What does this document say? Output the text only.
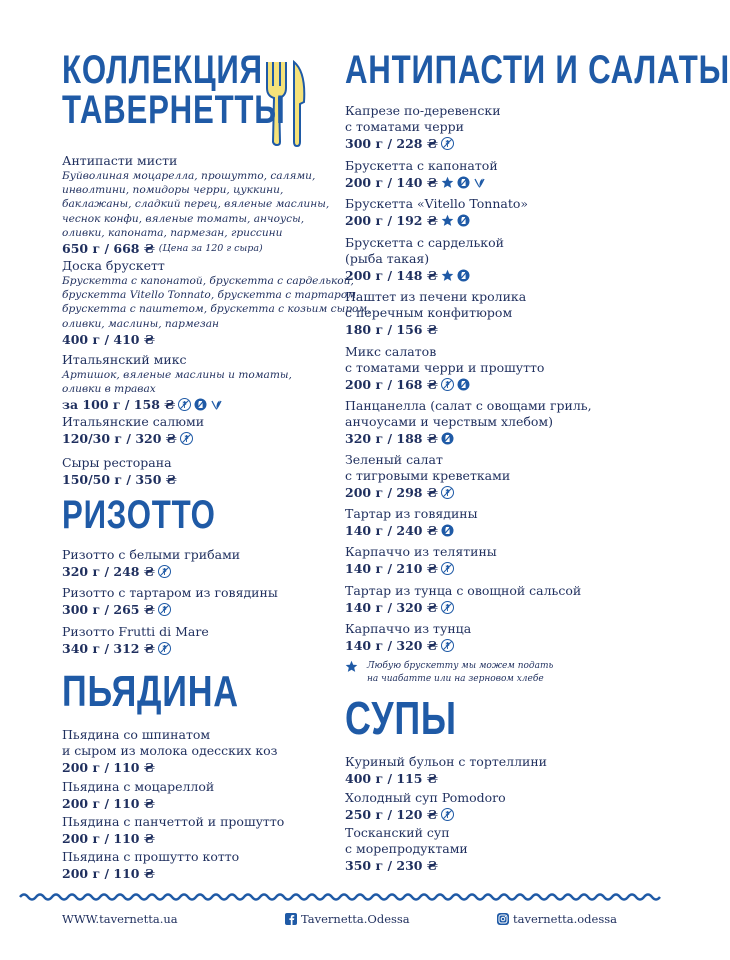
КОЛЛЕКЦИЯ
ТАВЕРНЕТТЫ
Антипасти мисти
Буйволиная моцарелла, прошутто, салями,
инволтини, помидоры черри, цуккини,
баклажаны, сладкий перец, вяленые маслины,
чеснок конфи, вяленые томаты, анчоусы,
оливки, капоната, пармезан, гриссини
650 г / 668 ₴ (Цена за 120 г сыра)
Доска брускетт
Брускетта с капонатой, брускетта с сарделькой,
брускетта Vitello Tonnato, брускетта с тартаром,
брускетта с паштетом, брускетта с козьим сыром,
оливки, маслины, пармезан
400 г / 410 ₴
Итальянский микс
Артишок, вяленые маслины и томаты,
оливки в травах
за 100 г / 158 ₴
Итальянские салюми
120/30 г / 320 ₴
Сыры ресторана
150/50 г / 350 ₴
РИЗОТТО
Ризотто с белыми грибами
320 г / 248 ₴
Ризотто с тартаром из говядины
300 г / 265 ₴
Ризотто Frutti di Mare
340 г / 312 ₴
ПЬЯДИНА
Пьядина со шпинатом
и сыром из молока одесских коз
200 г / 110 ₴
Пьядина с моцареллой
200 г / 110 ₴
Пьядина с панчеттой и прошутто
200 г / 110 ₴
Пьядина с прошутто котто
200 г / 110 ₴
АНТИПАСТИ И САЛАТЫ
Капрезе по-деревенски
с томатами черри
300 г / 228 ₴
Брускетта с капонатой
200 г / 140 ₴
Брускетта «Vitello Tonnato»
200 г / 192 ₴
Брускетта с сарделькой
(рыба такая)
200 г / 148 ₴
Паштет из печени кролика
с перечным конфитюром
180 г / 156 ₴
Микс салатов
с томатами черри и прошутто
200 г / 168 ₴
Панцанелла (салат с овощами гриль,
анчоусами и черствым хлебом)
320 г / 188 ₴
Зеленый салат
с тигровыми креветками
200 г / 298 ₴
Тартар из говядины
140 г / 240 ₴
Карпаччо из телятины
140 г / 210 ₴
Тартар из тунца с овощной сальсой
140 г / 320 ₴
Карпаччо из тунца
140 г / 320 ₴
Любую брускетту мы можем подать
на чиабатте или на зерновом хлебе
СУПЫ
Куриный бульон с тортеллини
400 г / 115 ₴
Холодный суп Pomodoro
250 г / 120 ₴
Тосканский суп
с морепродуктами
350 г / 230 ₴
WWW.tavernetta.ua	Tavernetta.Odessa	tavernetta.odessa
